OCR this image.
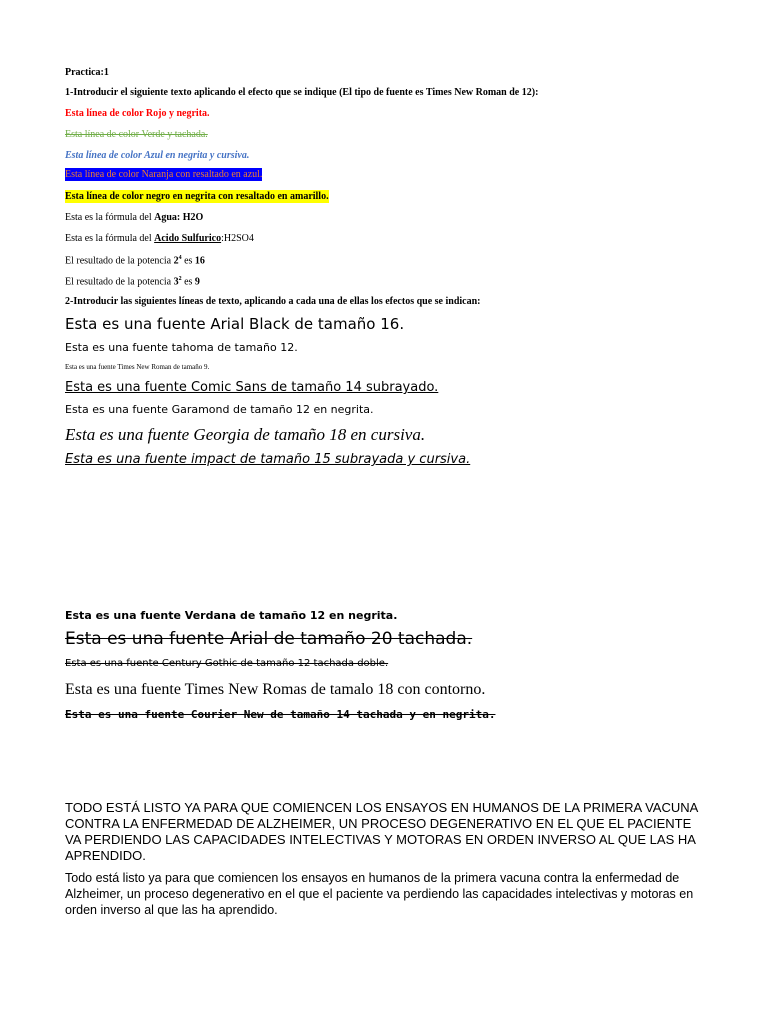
Practica:1
1-Introducir el siguiente texto aplicando el efecto que se indique (El tipo de fuente es Times New Roman de 12):
Esta línea de color Rojo y negrita.
Esta línea de color Verde y tachada.
Esta línea de color Azul en negrita y cursiva.
Esta línea de color Naranja con resaltado en azul.
Esta línea de color negro en negrita con resaltado en amarillo.
Esta es la fórmula del Agua: H2O
Esta es la fórmula del Acido Sulfurico:H2SO4
El resultado de la potencia $2^4$ es 16
El resultado de la potencia $3^2$ es 9
2-Introducir las siguientes líneas de texto, aplicando a cada una de ellas los efectos que se indican:
Esta es una fuente Arial Black de tamaño 16.
Esta es una fuente tahoma de tamaño 12.
Esta es una fuente Times New Roman de tamaño 9.
Esta es una fuente Comic Sans de tamaño 14 subrayado.
Esta es una fuente Garamond de tamaño 12 en negrita.
Esta es una fuente Georgia de tamaño 18 en cursiva.
Esta es una fuente impact de tamaño 15 subrayada y cursiva.
Esta es una fuente Verdana de tamaño 12 en negrita.
Esta es una fuente Arial de tamaño 20 tachada.
Esta es una fuente Century Gothic de tamaño 12 tachada doble.
Esta es una fuente Times New Romas de tamalo 18 con contorno.
Esta es una fuente Courier New de tamaño 14 tachada y en negrita.
TODO ESTÁ LISTO YA PARA QUE COMIENCEN LOS ENSAYOS EN HUMANOS DE LA PRIMERA VACUNA CONTRA LA ENFERMEDAD DE ALZHEIMER, UN PROCESO DEGENERATIVO EN EL QUE EL PACIENTE VA PERDIENDO LAS CAPACIDADES INTELECTIVAS Y MOTORAS EN ORDEN INVERSO AL QUE LAS HA APRENDIDO.
Todo está listo ya para que comiencen los ensayos en humanos de la primera vacuna contra la enfermedad de Alzheimer, un proceso degenerativo en el que el paciente va perdiendo las capacidades intelectivas y motoras en orden inverso al que las ha aprendido.
